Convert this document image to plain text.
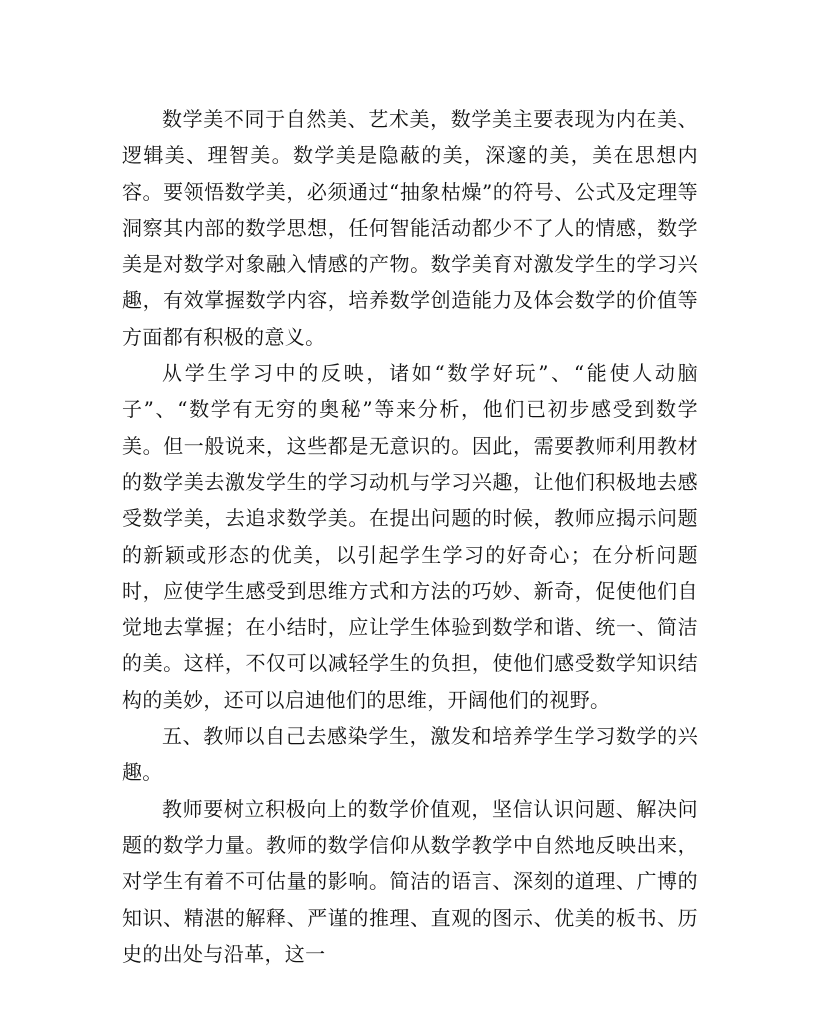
数学美不同于自然美、艺术美，数学美主要表现为内在美、逻辑美、理智美。数学美是隐蔽的美，深邃的美，美在思想内容。要领悟数学美，必须通过“抽象枯燥”的符号、公式及定理等洞察其内部的数学思想，任何智能活动都少不了人的情感，数学美是对数学对象融入情感的产物。数学美育对激发学生的学习兴趣，有效掌握数学内容，培养数学创造能力及体会数学的价值等方面都有积极的意义。

从学生学习中的反映，诸如“数学好玩”、“能使人动脑子”、“数学有无穷的奥秘”等来分析，他们已初步感受到数学美。但一般说来，这些都是无意识的。因此，需要教师利用教材的数学美去激发学生的学习动机与学习兴趣，让他们积极地去感受数学美，去追求数学美。在提出问题的时候，教师应揭示问题的新颖或形态的优美，以引起学生学习的好奇心；在分析问题时，应使学生感受到思维方式和方法的巧妙、新奇，促使他们自觉地去掌握；在小结时，应让学生体验到数学和谐、统一、简洁的美。这样，不仅可以减轻学生的负担，使他们感受数学知识结构的美妙，还可以启迪他们的思维，开阔他们的视野。

五、教师以自己去感染学生，激发和培养学生学习数学的兴趣。

教师要树立积极向上的数学价值观，坚信认识问题、解决问题的数学力量。教师的数学信仰从数学教学中自然地反映出来，对学生有着不可估量的影响。简洁的语言、深刻的道理、广博的知识、精湛的解释、严谨的推理、直观的图示、优美的板书、历史的出处与沿革，这一
